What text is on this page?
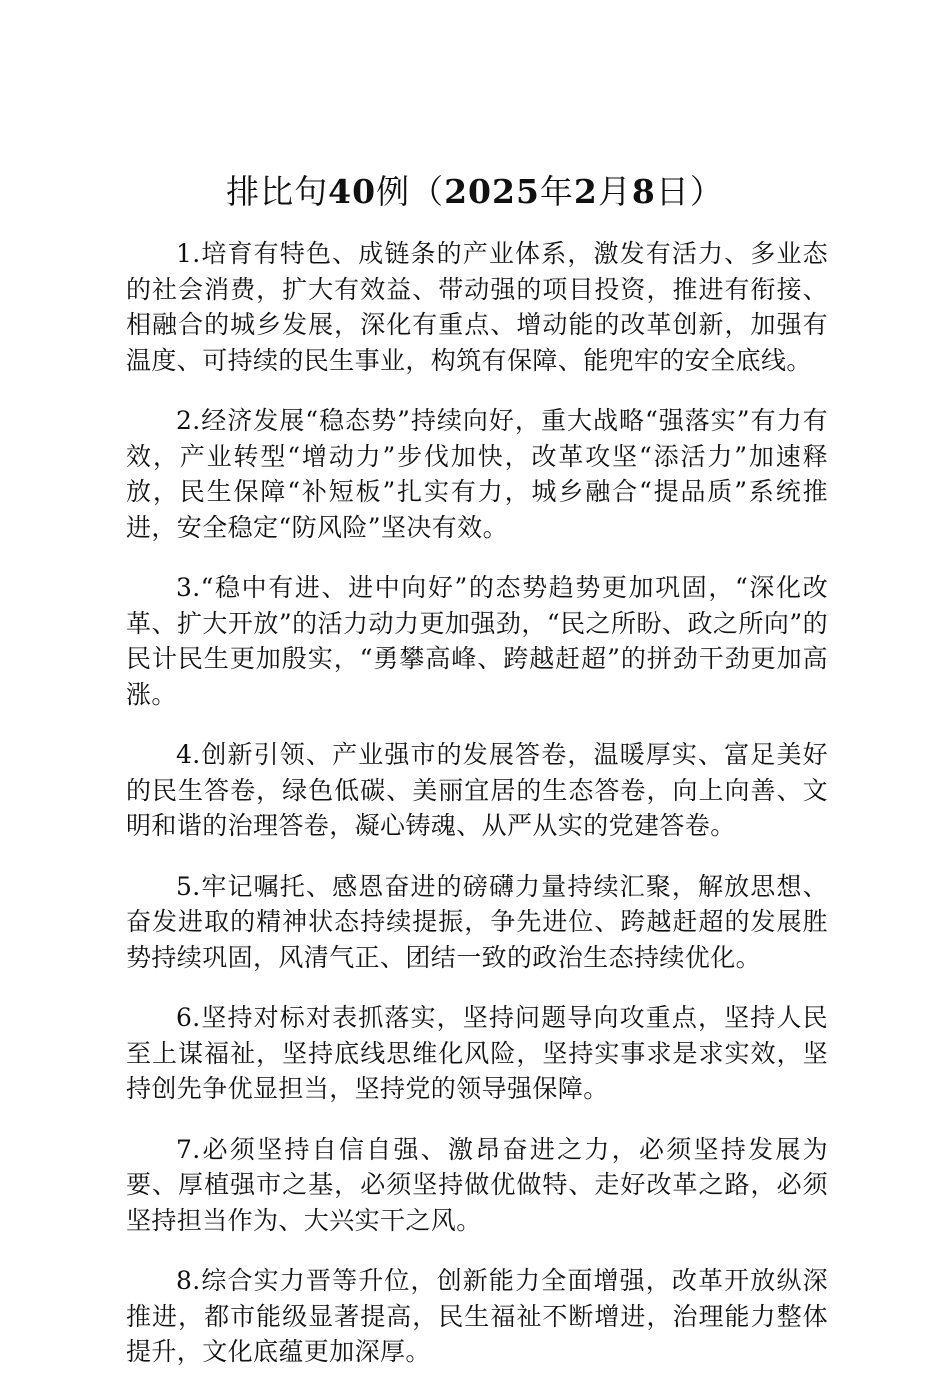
排比句40例（2025年2月8日）

1.培育有特色、成链条的产业体系，激发有活力、多业态的社会消费，扩大有效益、带动强的项目投资，推进有衔接、相融合的城乡发展，深化有重点、增动能的改革创新，加强有温度、可持续的民生事业，构筑有保障、能兜牢的安全底线。

2.经济发展“稳态势”持续向好，重大战略“强落实”有力有效，产业转型“增动力”步伐加快，改革攻坚“添活力”加速释放，民生保障“补短板”扎实有力，城乡融合“提品质”系统推进，安全稳定“防风险”坚决有效。

3.“稳中有进、进中向好”的态势趋势更加巩固，“深化改革、扩大开放”的活力动力更加强劲，“民之所盼、政之所向”的民计民生更加殷实，“勇攀高峰、跨越赶超”的拼劲干劲更加高涨。

4.创新引领、产业强市的发展答卷，温暖厚实、富足美好的民生答卷，绿色低碳、美丽宜居的生态答卷，向上向善、文明和谐的治理答卷，凝心铸魂、从严从实的党建答卷。

5.牢记嘱托、感恩奋进的磅礴力量持续汇聚，解放思想、奋发进取的精神状态持续提振，争先进位、跨越赶超的发展胜势持续巩固，风清气正、团结一致的政治生态持续优化。

6.坚持对标对表抓落实，坚持问题导向攻重点，坚持人民至上谋福祉，坚持底线思维化风险，坚持实事求是求实效，坚持创先争优显担当，坚持党的领导强保障。

7.必须坚持自信自强、激昂奋进之力，必须坚持发展为要、厚植强市之基，必须坚持做优做特、走好改革之路，必须坚持担当作为、大兴实干之风。

8.综合实力晋等升位，创新能力全面增强，改革开放纵深推进，都市能级显著提高，民生福祉不断增进，治理能力整体提升，文化底蕴更加深厚。
